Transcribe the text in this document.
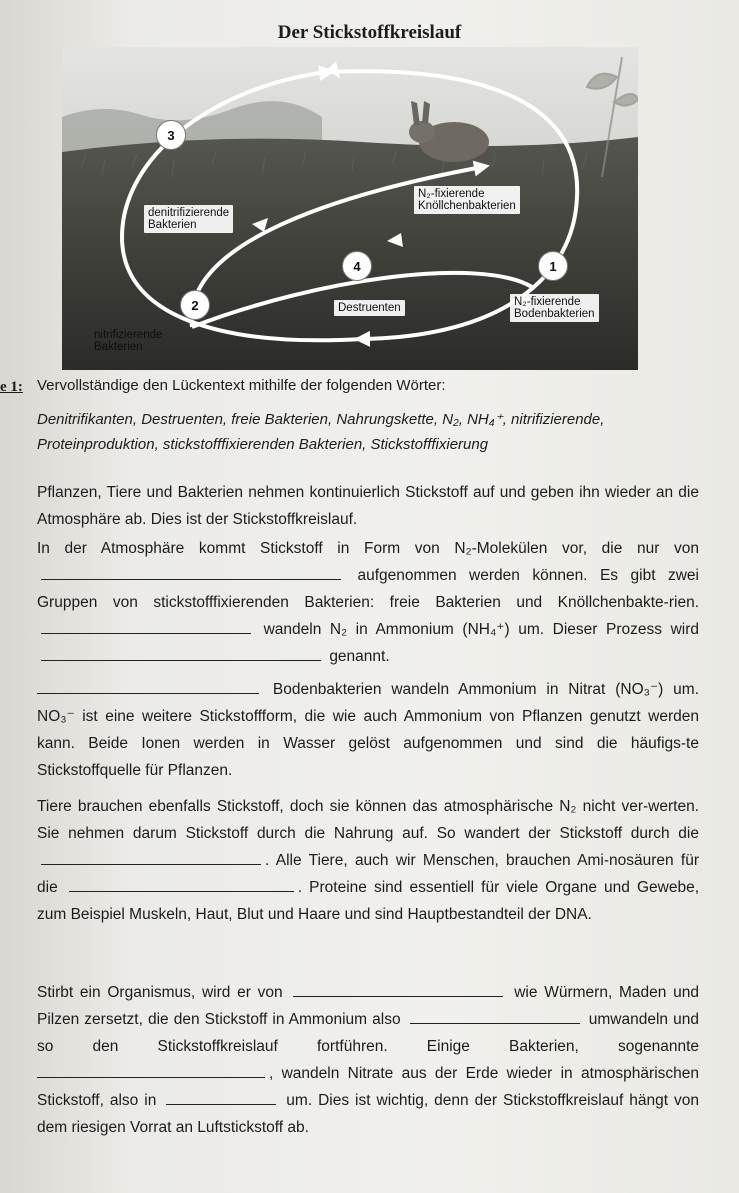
Der Stickstoffkreislauf
3
4	1
2
N₂-fixierende
Knöllchenbakterien
denitrifizierende
Bakterien
Destruenten	N₂-fixierende
Bodenbakterien
nitrifizierende
Bakterien
e 1: Vervollständige den Lückentext mithilfe der folgenden Wörter:
Denitrifikanten, Destruenten, freie Bakterien, Nahrungskette, N₂, NH₄⁺, nitrifizierende,
Proteinproduktion, stickstofffixierenden Bakterien, Stickstofffixierung
Pflanzen, Tiere und Bakterien nehmen kontinuierlich Stickstoff auf und geben ihn wieder an die Atmosphäre ab. Dies ist der Stickstoffkreislauf.
In der Atmosphäre kommt Stickstoff in Form von N₂-Molekülen vor, die nur von  aufgenommen werden können. Es gibt zwei Gruppen von stickstofffixierenden Bakterien: freie Bakterien und Knöllchenbakte-rien.  wandeln N₂ in Ammonium (NH₄⁺) um. Dieser Prozess wird  genannt.
Bodenbakterien wandeln Ammonium in Nitrat (NO₃⁻) um. NO₃⁻ ist eine weitere Stickstoffform, die wie auch Ammonium von Pflanzen genutzt werden kann. Beide Ionen werden in Wasser gelöst aufgenommen und sind die häufigs-te Stickstoffquelle für Pflanzen.
Tiere brauchen ebenfalls Stickstoff, doch sie können das atmosphärische N₂ nicht ver-werten. Sie nehmen darum Stickstoff durch die Nahrung auf. So wandert der Stickstoff durch die . Alle Tiere, auch wir Menschen, brauchen Ami-nosäuren für die	. Proteine sind essentiell für viele Organe und Gewebe, zum Beispiel Muskeln, Haut, Blut und Haare und sind Hauptbestandteil der DNA.
Stirbt ein Organismus, wird er von	wie Würmern, Maden und Pilzen zersetzt, die den Stickstoff in Ammonium also	umwandeln und so den Stickstoffkreislauf fortführen. Einige Bakterien, sogenannte , wandeln Nitrate aus der Erde wieder in atmosphärischen Stickstoff, also in	um. Dies ist wichtig, denn der Stickstoffkreislauf hängt von dem riesigen Vorrat an Luftstickstoff ab.
